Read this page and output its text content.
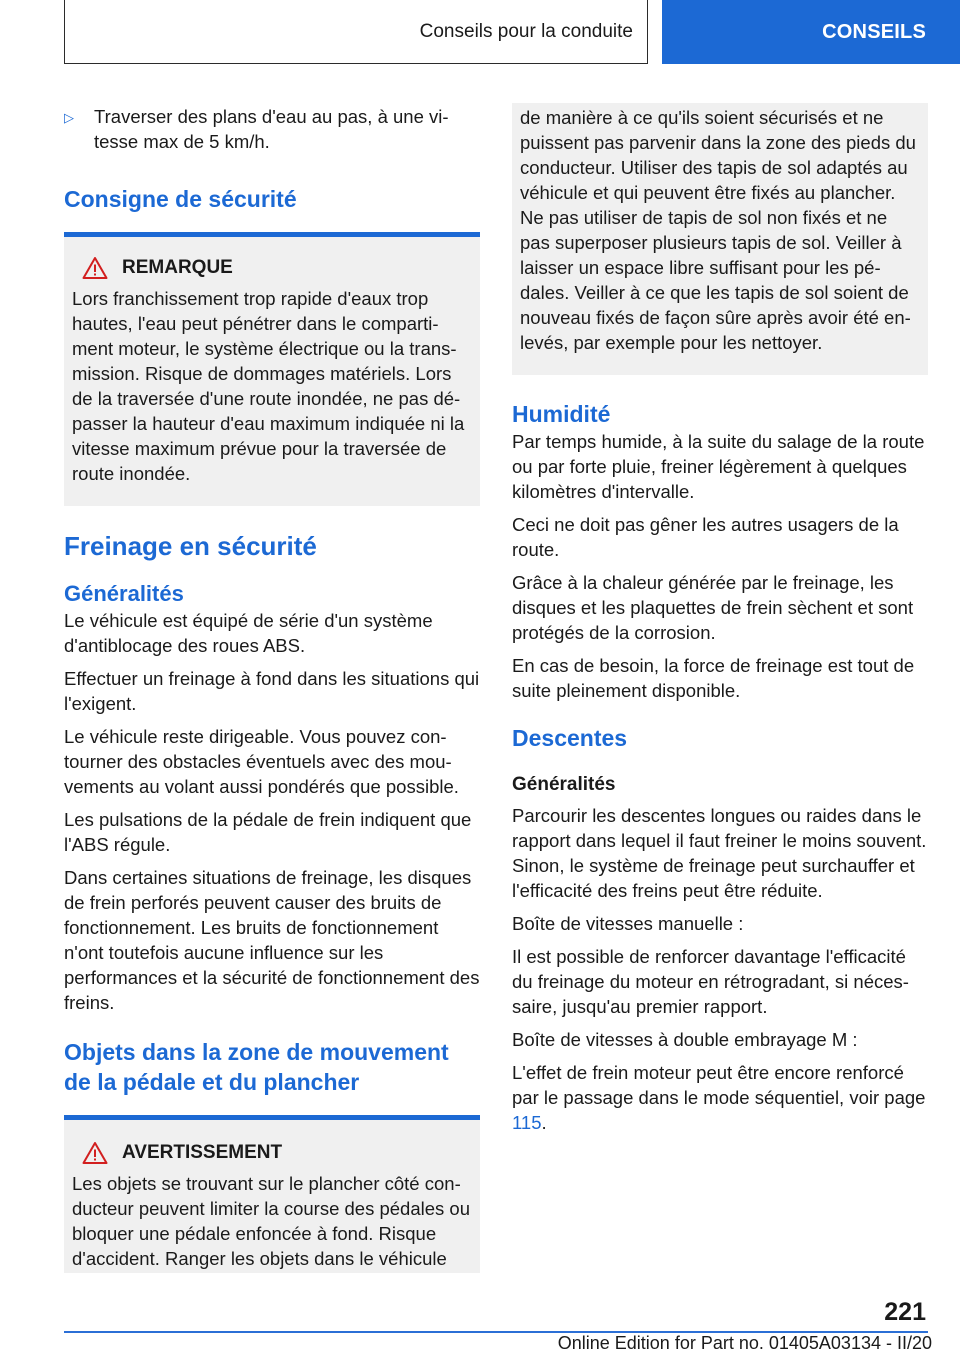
Conseils pour la conduite	CONSEILS
▷	Traverser des plans d'eau au pas, à une vitesse max de 5 km/h.
Consigne de sécurité
REMARQUE
Lors franchissement trop rapide d'eaux trop hautes, l'eau peut pénétrer dans le compartiment moteur, le système électrique ou la transmission. Risque de dommages matériels. Lors de la traversée d'une route inondée, ne pas dépasser la hauteur d'eau maximum indiquée ni la vitesse maximum prévue pour la traversée de route inondée.
Freinage en sécurité
Généralités

Le véhicule est équipé de série d'un système d'antiblocage des roues ABS.

Effectuer un freinage à fond dans les situations qui l'exigent.

Le véhicule reste dirigeable. Vous pouvez contourner des obstacles éventuels avec des mouvements au volant aussi pondérés que possible.

Les pulsations de la pédale de frein indiquent que l'ABS régule.

Dans certaines situations de freinage, les disques de frein perforés peuvent causer des bruits de fonctionnement. Les bruits de fonctionnement n'ont toutefois aucune influence sur les performances et la sécurité de fonctionnement des freins.

Objets dans la zone de mouvement de la pédale et du plancher
AVERTISSEMENT
Les objets se trouvant sur le plancher côté conducteur peuvent limiter la course des pédales ou bloquer une pédale enfoncée à fond. Risque d'accident. Ranger les objets dans le véhicule
de manière à ce qu'ils soient sécurisés et ne puissent pas parvenir dans la zone des pieds du conducteur. Utiliser des tapis de sol adaptés au véhicule et qui peuvent être fixés au plancher. Ne pas utiliser de tapis de sol non fixés et ne pas superposer plusieurs tapis de sol. Veiller à laisser un espace libre suffisant pour les pédales. Veiller à ce que les tapis de sol soient de nouveau fixés de façon sûre après avoir été enlevés, par exemple pour les nettoyer.
Humidité

Par temps humide, à la suite du salage de la route ou par forte pluie, freiner légèrement à quelques kilomètres d'intervalle.

Ceci ne doit pas gêner les autres usagers de la route.

Grâce à la chaleur générée par le freinage, les disques et les plaquettes de frein sèchent et sont protégés de la corrosion.

En cas de besoin, la force de freinage est tout de suite pleinement disponible.

Descentes
Généralités

Parcourir les descentes longues ou raides dans le rapport dans lequel il faut freiner le moins souvent. Sinon, le système de freinage peut surchauffer et l'efficacité des freins peut être réduite.

Boîte de vitesses manuelle :

Il est possible de renforcer davantage l'efficacité du freinage du moteur en rétrogradant, si nécessaire, jusqu'au premier rapport.

Boîte de vitesses à double embrayage M :

L'effet de frein moteur peut être encore renforcé par le passage dans le mode séquentiel, voir page 115.

221
Online Edition for Part no. 01405A03134 - II/20
